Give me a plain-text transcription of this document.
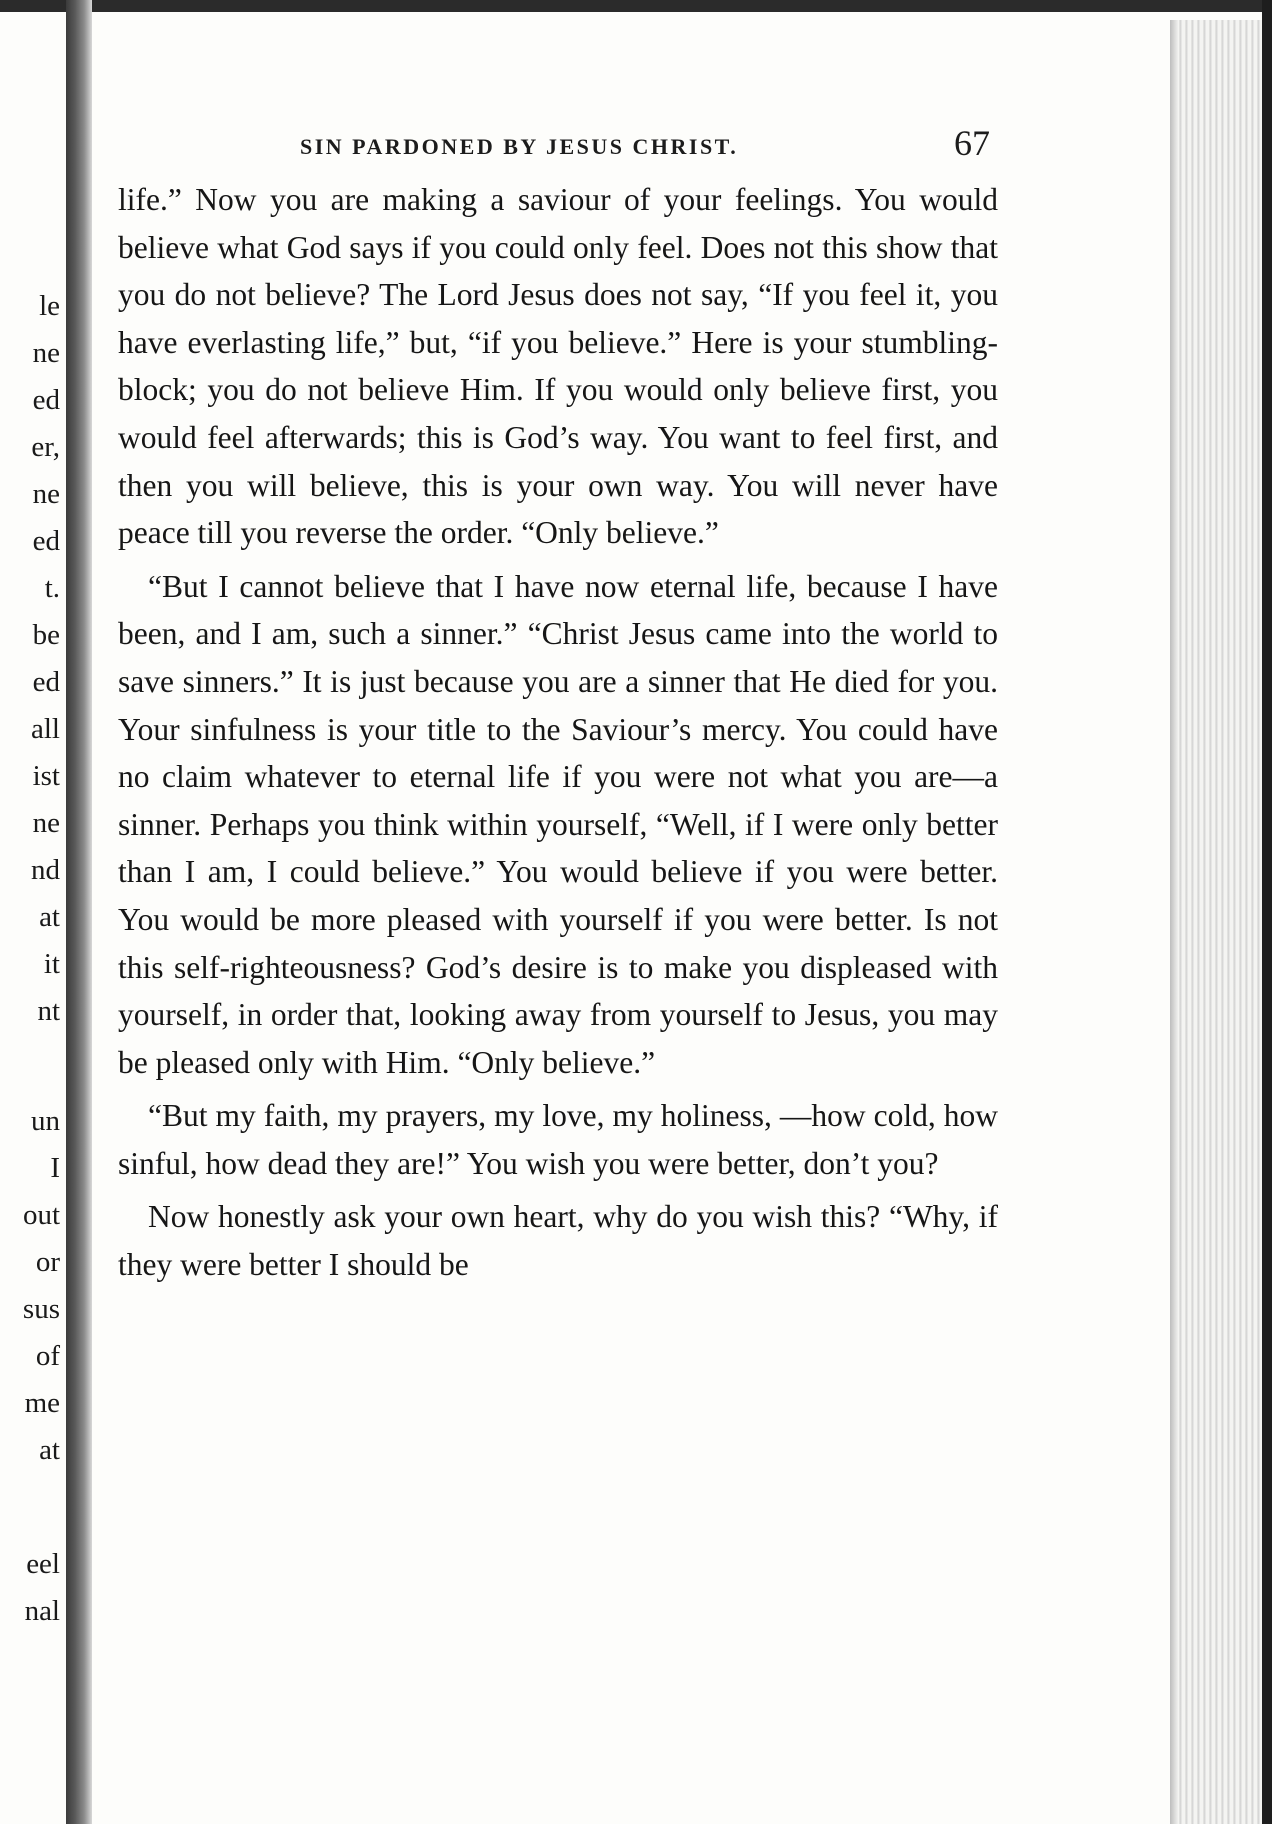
le
ne
ed
er,
ne
ed
t.
be
ed
all
ist
ne
nd
at
it
nt
un
I
out
or
sus
of
me
at
eel
nal
SIN PARDONED BY JESUS CHRIST.	67

life.” Now you are making a saviour of your feelings. You would believe what God says if you could only feel. Does not this show that you do not believe? The Lord Jesus does not say, “If you feel it, you have everlasting life,” but, “if you believe.” Here is your stumbling-block; you do not believe Him. If you would only believe first, you would feel afterwards; this is God’s way. You want to feel first, and then you will believe, this is your own way. You will never have peace till you reverse the order. “Only believe.”

“But I cannot believe that I have now eternal life, because I have been, and I am, such a sinner.” “Christ Jesus came into the world to save sinners.” It is just because you are a sinner that He died for you. Your sinfulness is your title to the Saviour’s mercy. You could have no claim whatever to eternal life if you were not what you are—a sinner. Perhaps you think within yourself, “Well, if I were only better than I am, I could believe.” You would believe if you were better. You would be more pleased with yourself if you were better. Is not this self-righteousness? God’s desire is to make you displeased with yourself, in order that, looking away from yourself to Jesus, you may be pleased only with Him. “Only believe.”

“But my faith, my prayers, my love, my holiness, —how cold, how sinful, how dead they are!” You wish you were better, don’t you?

Now honestly ask your own heart, why do you wish this? “Why, if they were better I should be
